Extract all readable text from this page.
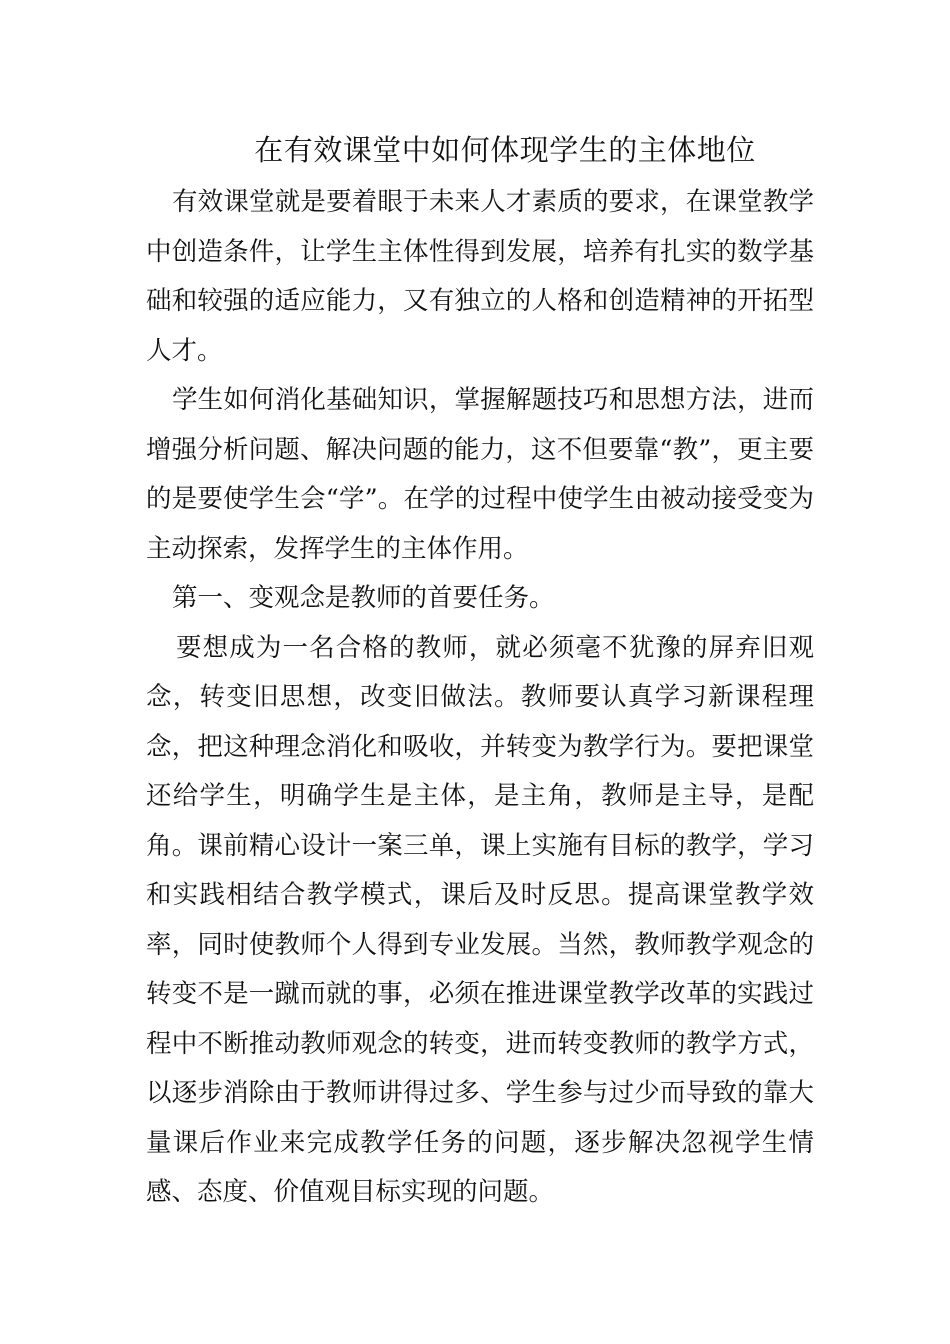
在有效课堂中如何体现学生的主体地位

有效课堂就是要着眼于未来人才素质的要求，在课堂教学中创造条件，让学生主体性得到发展，培养有扎实的数学基础和较强的适应能力，又有独立的人格和创造精神的开拓型人才。

学生如何消化基础知识，掌握解题技巧和思想方法，进而增强分析问题、解决问题的能力，这不但要靠“教”，更主要的是要使学生会“学”。在学的过程中使学生由被动接受变为主动探索，发挥学生的主体作用。

第一、变观念是教师的首要任务。

要想成为一名合格的教师，就必须毫不犹豫的屏弃旧观念，转变旧思想，改变旧做法。教师要认真学习新课程理念，把这种理念消化和吸收，并转变为教学行为。要把课堂还给学生，明确学生是主体，是主角，教师是主导，是配角。课前精心设计一案三单，课上实施有目标的教学，学习和实践相结合教学模式，课后及时反思。提高课堂教学效率，同时使教师个人得到专业发展。当然，教师教学观念的转变不是一蹴而就的事，必须在推进课堂教学改革的实践过程中不断推动教师观念的转变，进而转变教师的教学方式，以逐步消除由于教师讲得过多、学生参与过少而导致的靠大量课后作业来完成教学任务的问题，逐步解决忽视学生情感、态度、价值观目标实现的问题。
